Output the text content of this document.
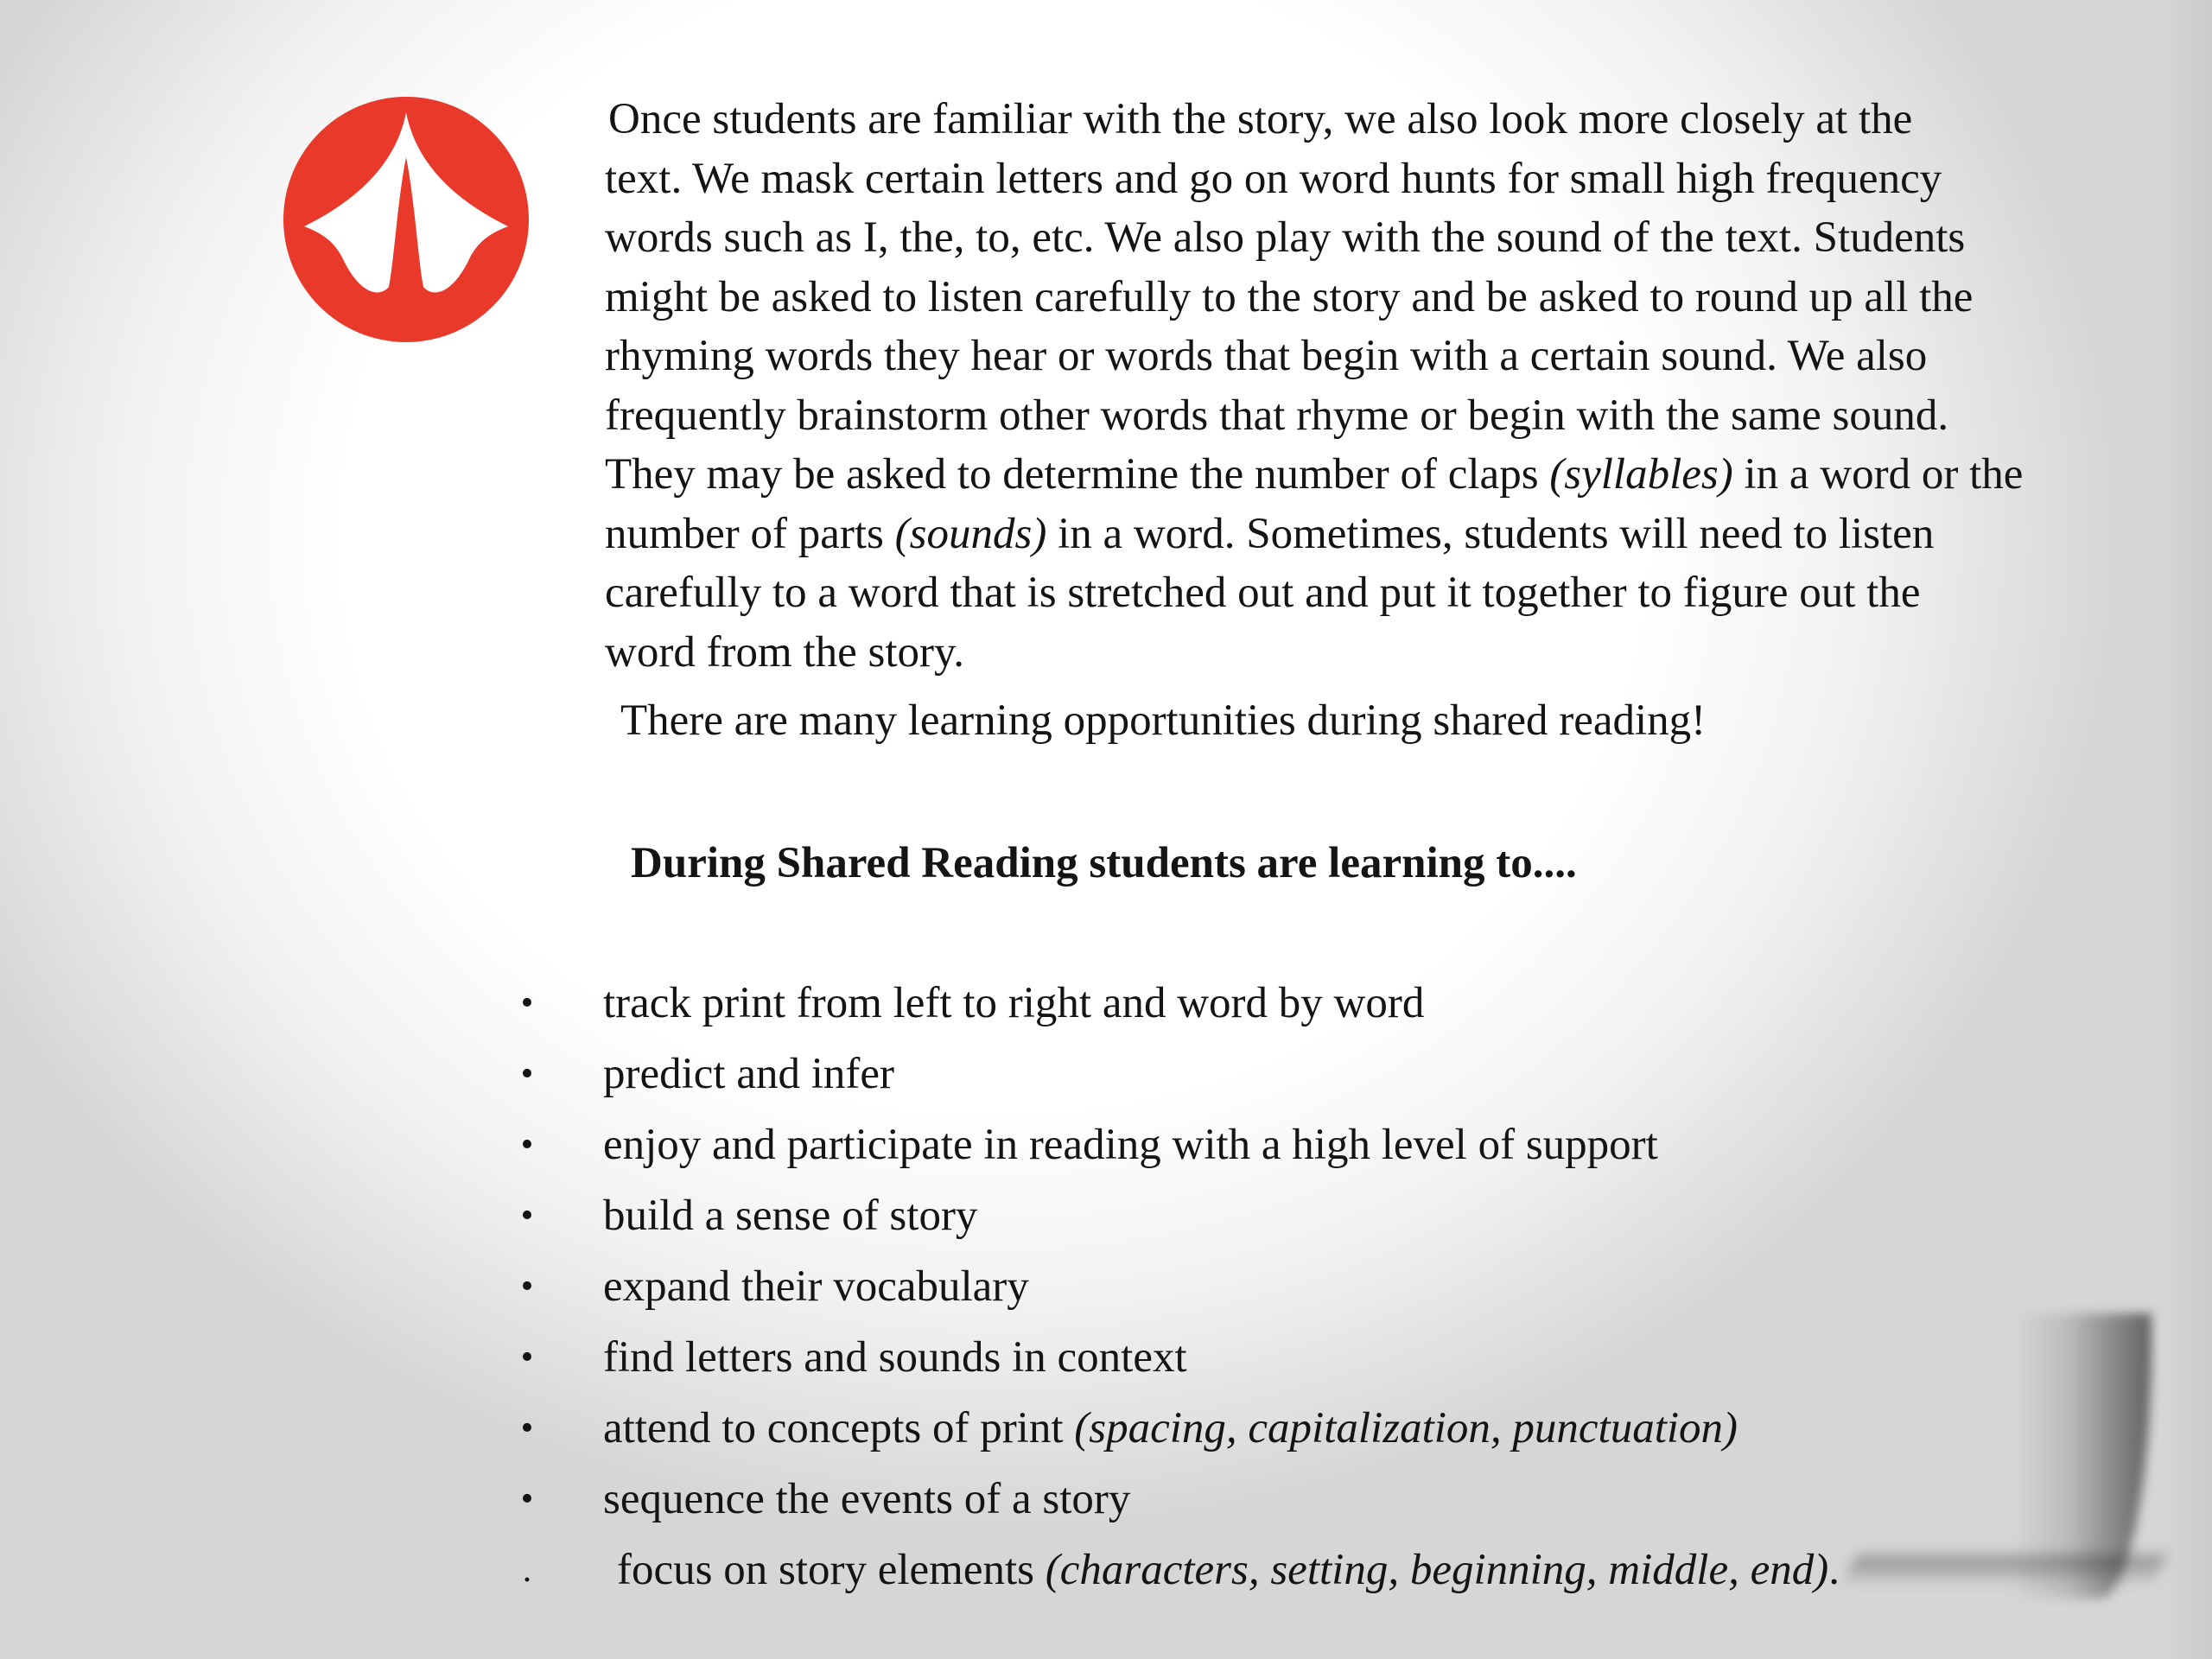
Once students are familiar with the story, we also look more closely at the

text. We mask certain letters and go on word hunts for small high frequency

words such as I, the, to, etc. We also play with the sound of the text. Students

might be asked to listen carefully to the story and be asked to round up all the

rhyming words they hear or words that begin with a certain sound. We also

frequently brainstorm other words that rhyme or begin with the same sound.

They may be asked to determine the number of claps (syllables) in a word or the

number of parts (sounds) in a word. Sometimes, students will need to listen

carefully to a word that is stretched out and put it together to figure out the

word from the story.

There are many learning opportunities during shared reading!

During Shared Reading students are learning to....

•	track print from left to right and word by word
•	predict and infer
•	enjoy and participate in reading with a high level of support
•	build a sense of story
•	expand their vocabulary
•	find letters and sounds in context
•	attend to concepts of print (spacing, capitalization, punctuation)
•	sequence the events of a story
.	focus on story elements (characters, setting, beginning, middle, end).
